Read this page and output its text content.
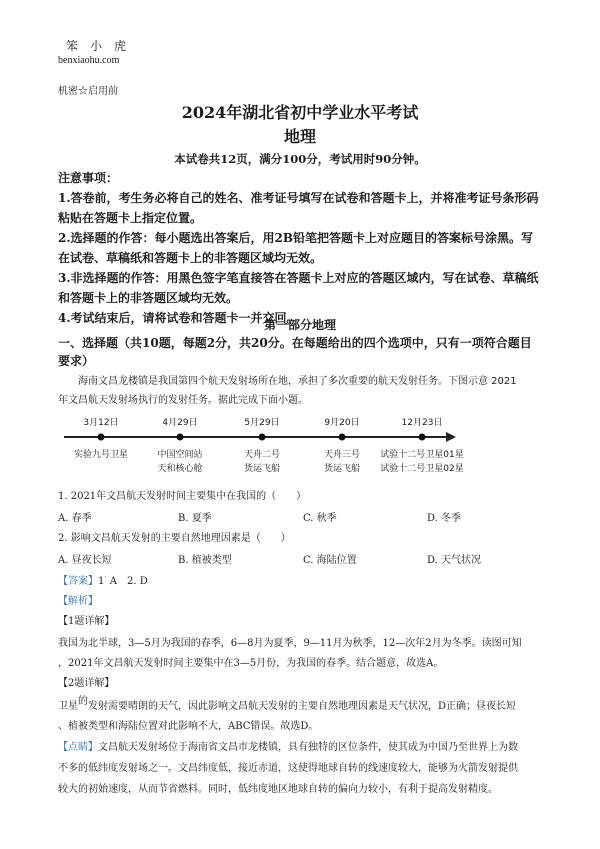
笨小虎
benxiaohu.com
机密☆启用前
2024年湖北省初中学业水平考试
地理
本试卷共12页，满分100分，考试用时90分钟。
注意事项：
1.答卷前，考生务必将自己的姓名、准考证号填写在试卷和答题卡上，并将准考证号条形码
粘贴在答题卡上指定位置。
2.选择题的作答：每小题选出答案后，用2B铅笔把答题卡上对应题目的答案标号涂黑。写
在试卷、草稿纸和答题卡上的非答题区域均无效。
3.非选择题的作答：用黑色签字笔直接答在答题卡上对应的答题区域内，写在试卷、草稿纸
和答题卡上的非答题区域均无效。
4.考试结束后，请将试卷和答题卡一并交回。
第一部分地理
一、选择题（共10题，每题2分，共20分。在每题给出的四个选项中，只有一项符合题目
要求）
海南文昌龙楼镇是我国第四个航天发射场所在地，承担了多次重要的航天发射任务。下图示意 2021
年文昌航天发射场执行的发射任务。据此完成下面小题。
3月12日	4月29日	5月29日	9月20日	12月23日
实验九号卫星	中国空间站
天和核心舱
天舟二号
货运飞船
天舟三号
货运飞船
试验十二号卫星01星
试验十二号卫星02星
1. 2021年文昌航天发射时间主要集中在我国的（　　）
A. 春季	B. 夏季	C. 秋季	D. 冬季
2. 影响文昌航天发射的主要自然地理因素是（　　）
A. 昼夜长短	B. 植被类型	C. 海陆位置	D. 天气状况
【答案】1· A　2. D
【解析】
【1题详解】
我国为北半球，3—5月为我国的春季，6—8月为夏季，9—11月为秋季，12—次年2月为冬季。读图可知
，2021年文昌航天发射时间主要集中在3—5月份，为我国的春季。结合题意，故选A。
【2题详解】
卫星的发射需要晴朗的天气，因此影响文昌航天发射的主要自然地理因素是天气状况，D正确；昼夜长短
、植被类型和海陆位置对此影响不大，ABC错误。故选D。
【点睛】文昌航天发射场位于海南省文昌市龙楼镇，具有独特的区位条件，使其成为中国乃至世界上为数
不多的低纬度发射场之一。文昌纬度低，接近赤道，这使得地球自转的线速度较大，能够为火箭发射提供
较大的初始速度，从而节省燃料。同时，低纬度地区地球自转的偏向力较小，有利于提高发射精度。
